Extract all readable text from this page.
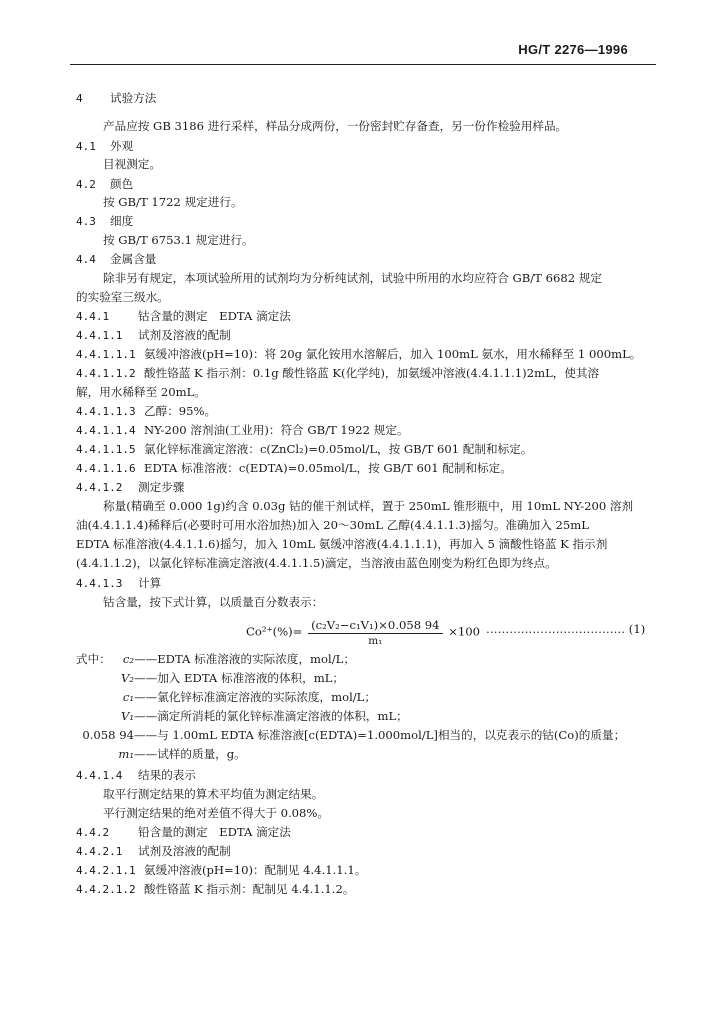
HG/T 2276—1996
4 试验方法
产品应按 GB 3186 进行采样，样品分成两份，一份密封贮存备查，另一份作检验用样品。
4.1 外观
目视测定。
4.2 颜色
按 GB/T 1722 规定进行。
4.3 细度
按 GB/T 6753.1 规定进行。
4.4 金属含量
除非另有规定，本项试验所用的试剂均为分析纯试剂，试验中所用的水均应符合 GB/T 6682 规定
的实验室三级水。
4.4.1 钴含量的测定　EDTA 滴定法
4.4.1.1 试剂及溶液的配制
4.4.1.1.1 氨缓冲溶液(pH=10)：将 20g 氯化铵用水溶解后，加入 100mL 氨水，用水稀释至 1 000mL。
4.4.1.1.2 酸性铬蓝 K 指示剂：0.1g 酸性铬蓝 K(化学纯)，加氨缓冲溶液(4.4.1.1.1)2mL，使其溶
解，用水稀释至 20mL。
4.4.1.1.3 乙醇：95%。
4.4.1.1.4 NY-200 溶剂油(工业用)：符合 GB/T 1922 规定。
4.4.1.1.5 氯化锌标准滴定溶液：c(ZnCl₂)=0.05mol/L，按 GB/T 601 配制和标定。
4.4.1.1.6 EDTA 标准溶液：c(EDTA)=0.05mol/L，按 GB/T 601 配制和标定。
4.4.1.2 测定步骤
称量(精确至 0.000 1g)约含 0.03g 钴的催干剂试样，置于 250mL 锥形瓶中，用 10mL NY-200 溶剂
油(4.4.1.1.4)稀释后(必要时可用水浴加热)加入 20～30mL 乙醇(4.4.1.1.3)摇匀。准确加入 25mL
EDTA 标准溶液(4.4.1.1.6)摇匀，加入 10mL 氨缓冲溶液(4.4.1.1.1)，再加入 5 滴酸性铬蓝 K 指示剂
(4.4.1.1.2)，以氯化锌标准滴定溶液(4.4.1.1.5)滴定，当溶液由蓝色刚变为粉红色即为终点。
4.4.1.3 计算
钴含量，按下式计算，以质量百分数表示：
$Co^{2+}(\%)= \frac{\text{(c₂V₂−c₁V₁)×0.058 94}}{\text{m₁}} \times 100$ ……………………………… (1)
式中：	c₂——EDTA 标准溶液的实际浓度，mol/L；
V₂——加入 EDTA 标准溶液的体积，mL；
c₁——氯化锌标准滴定溶液的实际浓度，mol/L；
V₁——滴定所消耗的氯化锌标准滴定溶液的体积，mL；
0.058 94——与 1.00mL EDTA 标准溶液[c(EDTA)=1.000mol/L]相当的，以克表示的钴(Co)的质量；
m₁——试样的质量，g。
4.4.1.4 结果的表示
取平行测定结果的算术平均值为测定结果。
平行测定结果的绝对差值不得大于 0.08%。
4.4.2 铅含量的测定　EDTA 滴定法
4.4.2.1 试剂及溶液的配制
4.4.2.1.1 氨缓冲溶液(pH=10)：配制见 4.4.1.1.1。
4.4.2.1.2 酸性铬蓝 K 指示剂：配制见 4.4.1.1.2。
